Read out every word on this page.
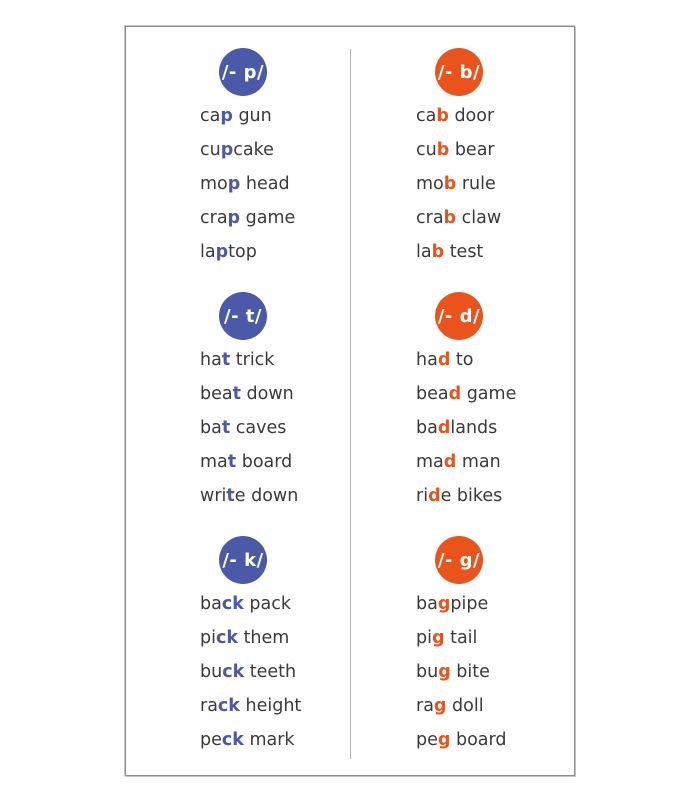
/- p/
cap gun
cupcake
mop head
crap game
laptop
/- t/
hat trick
beat down
bat caves
mat board
write down
/- k/
back pack
pick them
buck teeth
rack height
peck mark
/- b/
cab door
cub bear
mob rule
crab claw
lab test
/- d/
had to
bead game
badlands
mad man
ride bikes
/- g/
bagpipe
pig tail
bug bite
rag doll
peg board
